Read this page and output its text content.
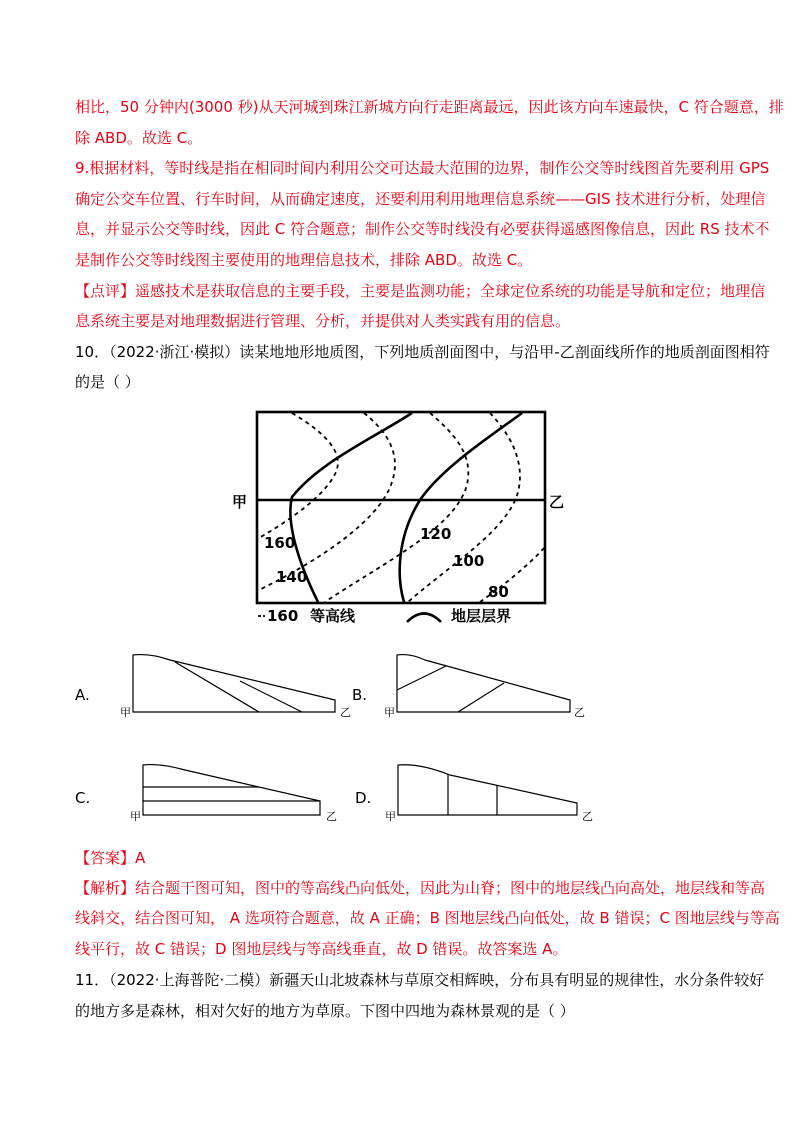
相比，50 分钟内(3000 秒)从天河城到珠江新城方向行走距离最远，因此该方向车速最快，C 符合题意，排
除 ABD。故选 C。
9.根据材料，等时线是指在相同时间内利用公交可达最大范围的边界，制作公交等时线图首先要利用 GPS
确定公交车位置、行车时间，从而确定速度，还要利用利用地理信息系统——GIS 技术进行分析，处理信
息，并显示公交等时线，因此 C 符合题意；制作公交等时线没有必要获得遥感图像信息，因此 RS 技术不
是制作公交等时线图主要使用的地理信息技术，排除 ABD。故选 C。
【点评】遥感技术是获取信息的主要手段，主要是监测功能；全球定位系统的功能是导航和定位；地理信
息系统主要是对地理数据进行管理、分析，并提供对人类实践有用的信息。
10．（2022·浙江·模拟）读某地地形地质图，下列地质剖面图中，与沿甲-乙剖面线所作的地质剖面图相符
的是（ ）
甲	乙
160
140
120
100
80
160 等高线	地层层界
A.
甲	乙
B.
甲	乙
C.
甲	乙
D.
甲	乙
【答案】A
【解析】结合题干图可知，图中的等高线凸向低处，因此为山脊；图中的地层线凸向高处，地层线和等高
线斜交，结合图可知， A 选项符合题意，故 A 正确；B 图地层线凸向低处，故 B 错误；C 图地层线与等高
线平行，故 C 错误；D 图地层线与等高线垂直，故 D 错误。故答案选 A。
11．（2022·上海普陀·二模）新疆天山北坡森林与草原交相辉映，分布具有明显的规律性，水分条件较好
的地方多是森林，相对欠好的地方为草原。下图中四地为森林景观的是（ ）
